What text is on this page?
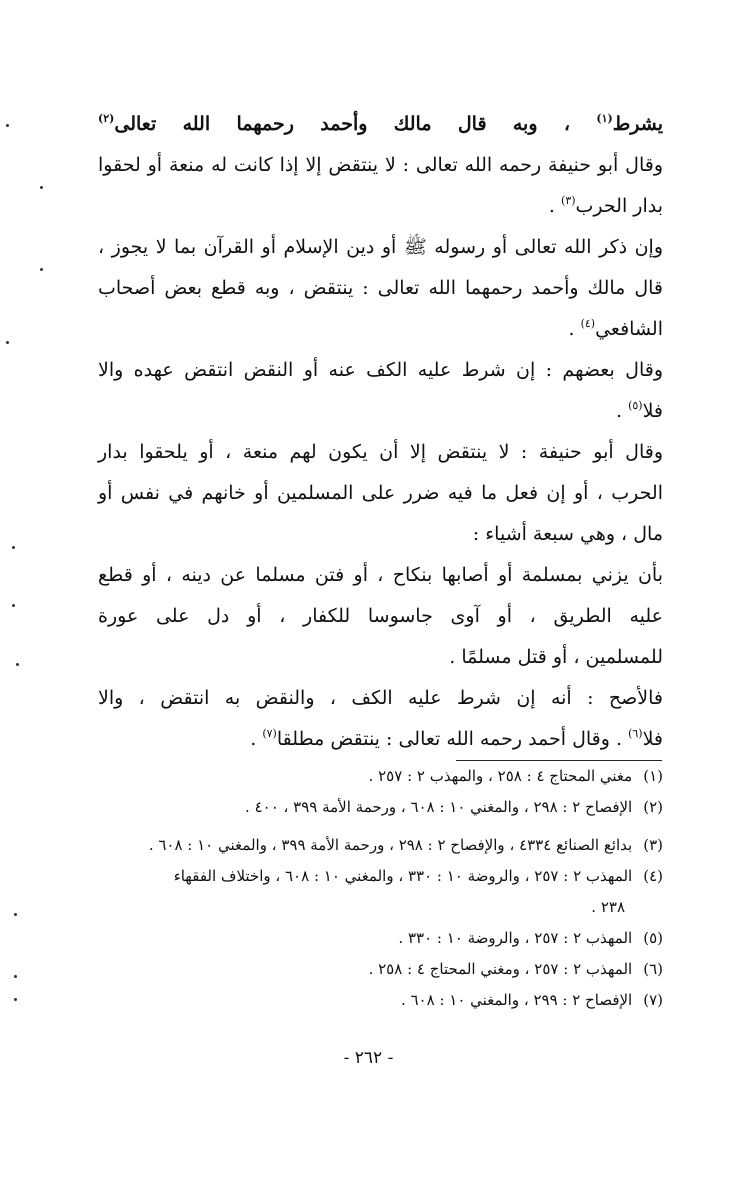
يشرط$^{(١)}$ ، وبه قال مالك وأحمد رحمهما الله تعالى$^{(٢)}$
وقال أبو حنيفة رحمه الله تعالى : لا ينتقض إلا إذا كانت له منعة أو لحقوا
بدار الحرب$^{(٣)}$ .
وإن ذكر الله تعالى أو رسوله ﷺ أو دين الإسلام أو القرآن بما لا يجوز ،
قال مالك وأحمد رحمهما الله تعالى : ينتقض ، وبه قطع بعض أصحاب
الشافعي$^{(٤)}$ .
وقال بعضهم : إن شرط عليه الكف عنه أو النقض انتقض عهده والا
فلا$^{(٥)}$ .
وقال أبو حنيفة : لا ينتقض إلا أن يكون لهم منعة ، أو يلحقوا بدار
الحرب ، أو إن فعل ما فيه ضرر على المسلمين أو خانهم في نفس أو
مال ، وهي سبعة أشياء :
بأن يزني بمسلمة أو أصابها بنكاح ، أو فتن مسلما عن دينه ، أو قطع
عليه الطريق ، أو آوى جاسوسا للكفار ، أو دل على عورة
للمسلمين ، أو قتل مسلمًا .
فالأصح : أنه إن شرط عليه الكف ، والنقض به انتقض ، والا
فلا$^{(٦)}$ . وقال أحمد رحمه الله تعالى : ينتقض مطلقا$^{(٧)}$ .
(١) مغني المحتاج ٤ : ٢٥٨ ، والمهذب ٢ : ٢٥٧ .
(٢) الإفصاح ٢ : ٢٩٨ ، والمغني ١٠ : ٦٠٨ ، ورحمة الأمة ٣٩٩ ، ٤٠٠ .
(٣) بدائع الصنائع ٤٣٣٤ ، والإفصاح ٢ : ٢٩٨ ، ورحمة الأمة ٣٩٩ ، والمغني ١٠ : ٦٠٨ .
(٤) المهذب ٢ : ٢٥٧ ، والروضة ١٠ : ٣٣٠ ، والمغني ١٠ : ٦٠٨ ، واختلاف الفقهاء
٢٣٨ .
(٥) المهذب ٢ : ٢٥٧ ، والروضة ١٠ : ٣٣٠ .
(٦) المهذب ٢ : ٢٥٧ ، ومغني المحتاج ٤ : ٢٥٨ .
(٧) الإفصاح ٢ : ٢٩٩ ، والمغني ١٠ : ٦٠٨ .
- ٢٦٢ -
